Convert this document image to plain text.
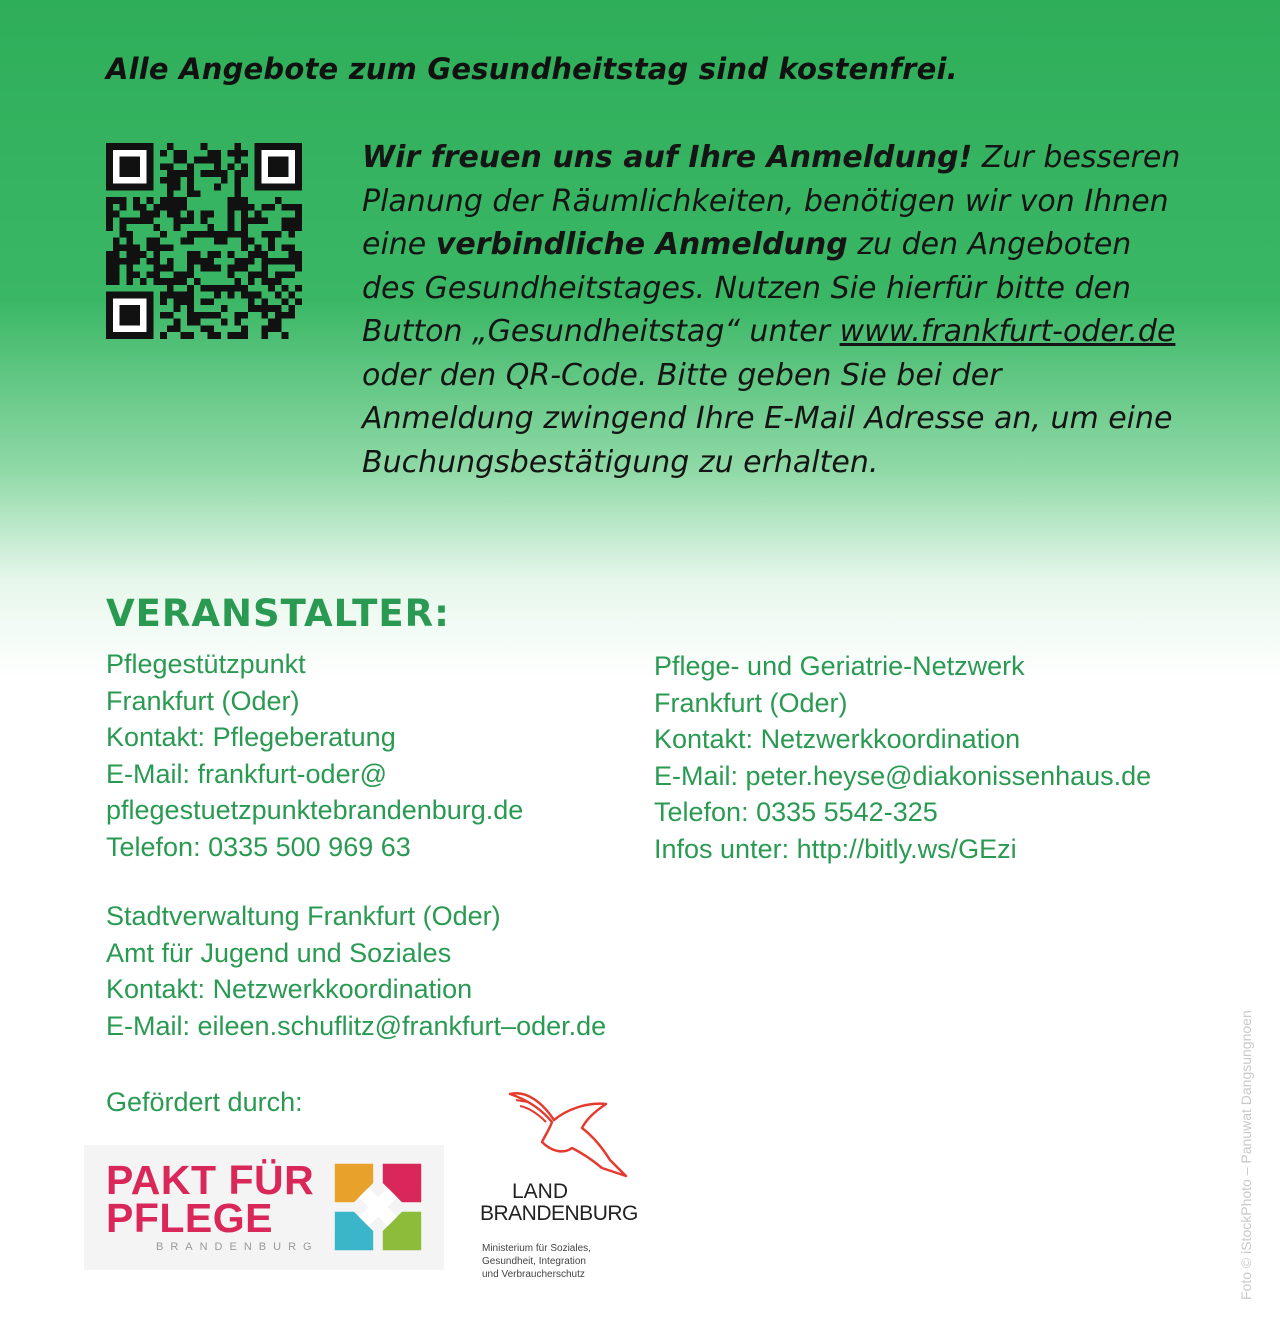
Alle Angebote zum Gesundheitstag sind kostenfrei.
Wir freuen uns auf Ihre Anmeldung! Zur besseren Planung der Räumlichkeiten, benötigen wir von Ihnen eine verbindliche Anmeldung zu den Angeboten des Gesundheitstages. Nutzen Sie hierfür bitte den Button „Gesundheitstag“ unter www.frankfurt-oder.de oder den QR-Code. Bitte geben Sie bei der Anmeldung zwingend Ihre E-Mail Adresse an, um eine Buchungsbestätigung zu erhalten.
VERANSTALTER:
Pflegestützpunkt
Frankfurt (Oder)
Kontakt: Pflegeberatung
E-Mail: frankfurt-oder@
pflegestuetzpunktebrandenburg.de
Telefon: 0335 500 969 63
Pflege- und Geriatrie-Netzwerk
Frankfurt (Oder)
Kontakt: Netzwerkkoordination
E-Mail: peter.heyse@diakonissenhaus.de
Telefon: 0335 5542-325
Infos unter: http://bitly.ws/GEzi
Stadtverwaltung Frankfurt (Oder)
Amt für Jugend und Soziales
Kontakt: Netzwerkkoordination
E-Mail: eileen.schuflitz@frankfurt–oder.de
Gefördert durch:
PAKT FÜR
PFLEGE
BRANDENBURG
LAND
BRANDENBURG
Ministerium für Soziales,
Gesundheit, Integration
und Verbraucherschutz	Foto © iStockPhoto – Panuwat Dangsungnoen
